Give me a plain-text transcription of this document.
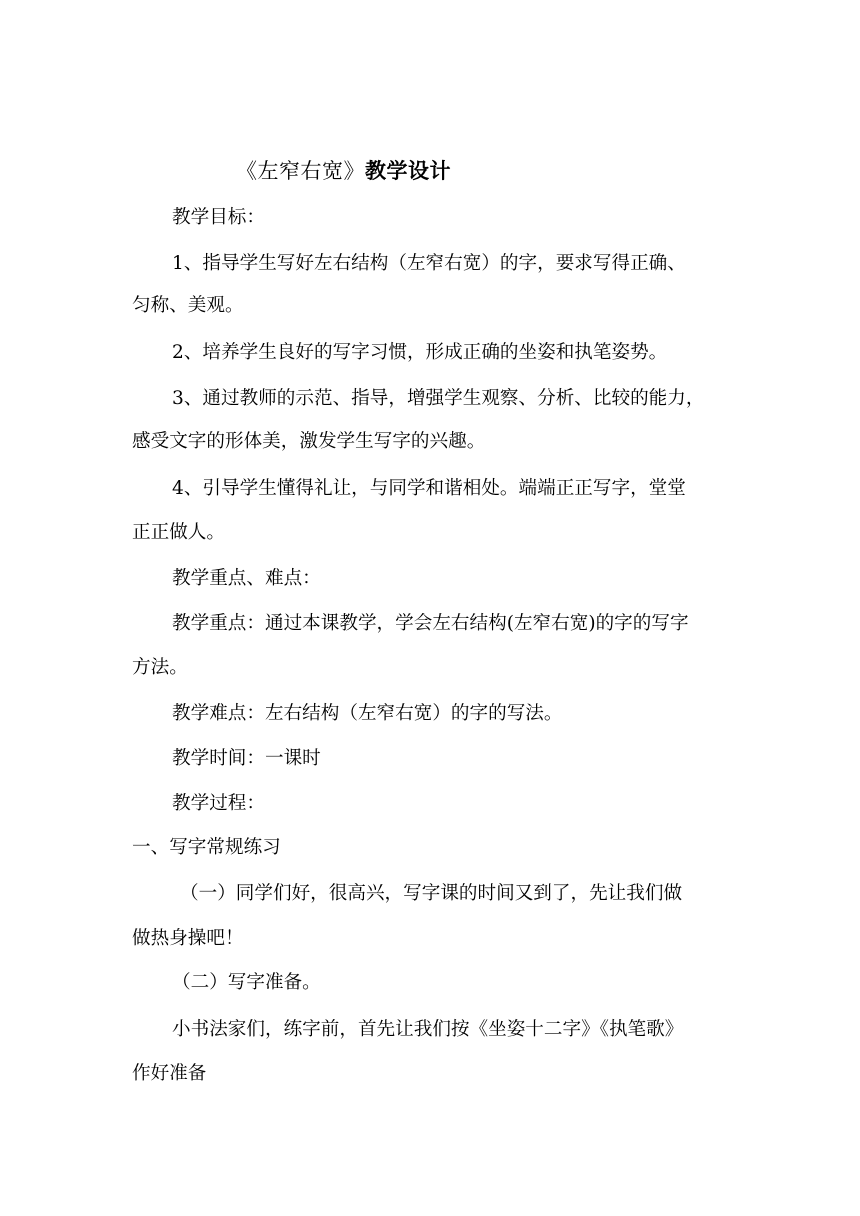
《左窄右宽》教学设计
教学目标：
1、指导学生写好左右结构（左窄右宽）的字，要求写得正确、
匀称、美观。
2、培养学生良好的写字习惯，形成正确的坐姿和执笔姿势。
3、通过教师的示范、指导，增强学生观察、分析、比较的能力，
感受文字的形体美，激发学生写字的兴趣。
4、引导学生懂得礼让，与同学和谐相处。端端正正写字，堂堂
正正做人。
教学重点、难点：
教学重点：通过本课教学，学会左右结构(左窄右宽)的字的写字
方法。
教学难点：左右结构（左窄右宽）的字的写法。
教学时间：一课时
教学过程：
一、写字常规练习
（一）同学们好，很高兴，写字课的时间又到了，先让我们做
做热身操吧！
（二）写字准备。
小书法家们，练字前，首先让我们按《坐姿十二字》《执笔歌》
作好准备
